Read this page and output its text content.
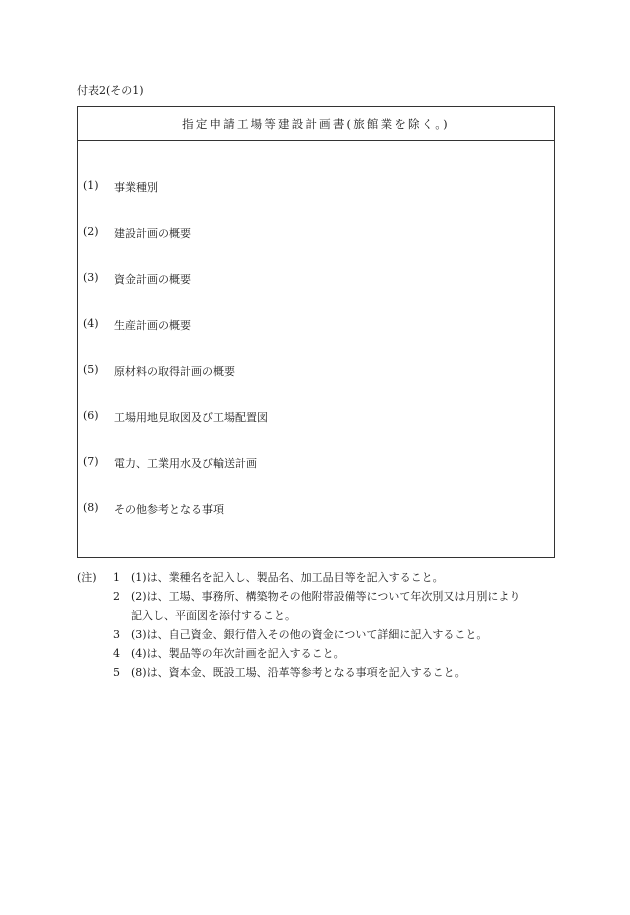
付表2(その1)
指定申請工場等建設計画書(旅館業を除く。)
(1)	事業種別
(2)	建設計画の概要
(3)	資金計画の概要
(4)	生産計画の概要
(5)	原材料の取得計画の概要
(6)	工場用地見取図及び工場配置図
(7)	電力、工業用水及び輸送計画
(8)	その他参考となる事項
(注)	1	(1)は、業種名を記入し、製品名、加工品目等を記入すること。
2	(2)は、工場、事務所、構築物その他附帯設備等について年次別又は月別により
記入し、平面図を添付すること。
3	(3)は、自己資金、銀行借入その他の資金について詳細に記入すること。
4	(4)は、製品等の年次計画を記入すること。
5	(8)は、資本金、既設工場、沿革等参考となる事項を記入すること。
